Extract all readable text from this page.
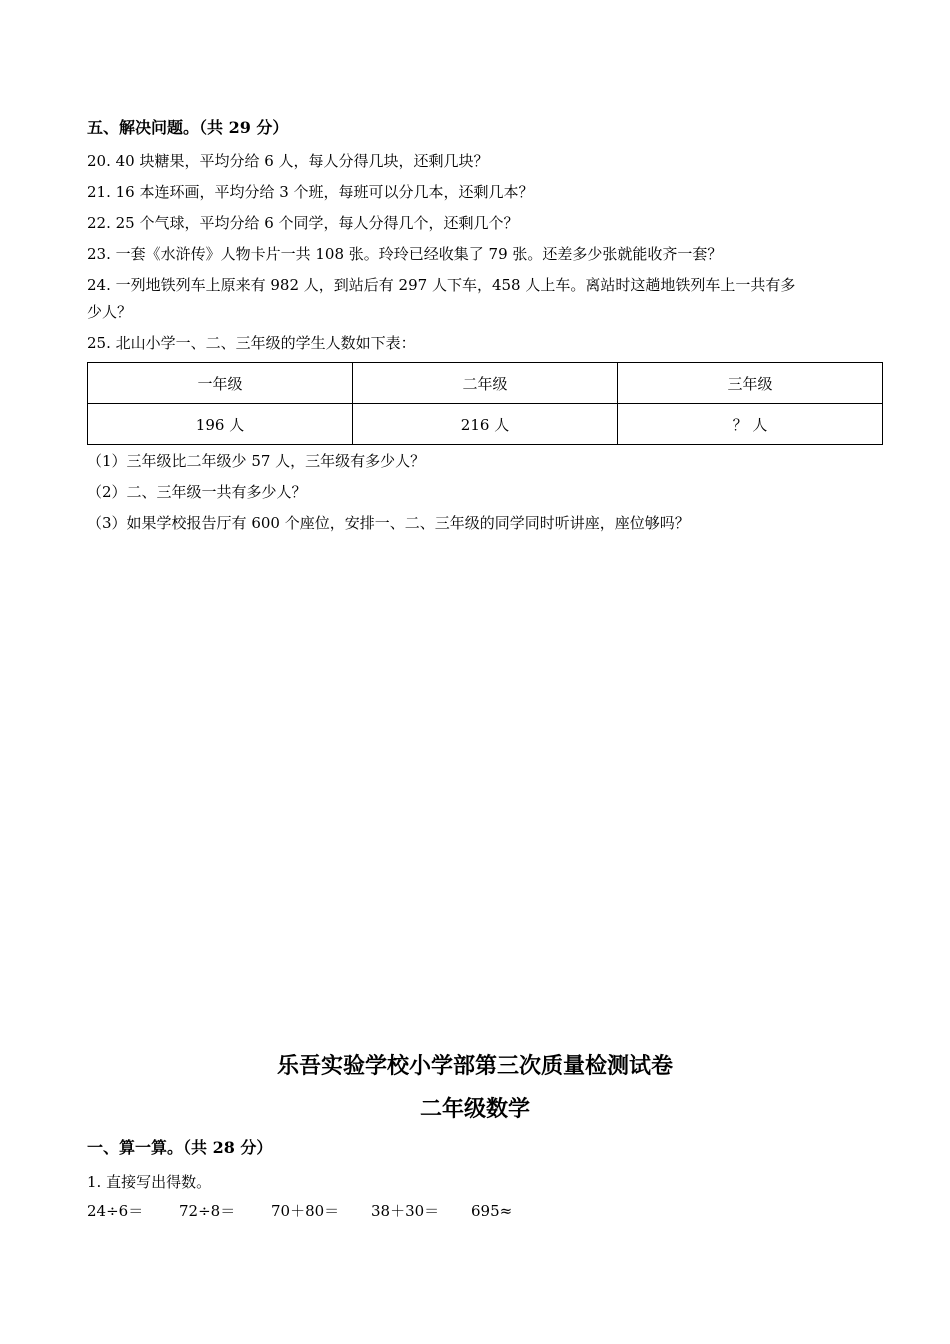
五、解决问题。（共 29 分）
20. 40 块糖果，平均分给 6 人，每人分得几块，还剩几块？
21. 16 本连环画，平均分给 3 个班，每班可以分几本，还剩几本？
22. 25 个气球，平均分给 6 个同学，每人分得几个，还剩几个？
23. 一套《水浒传》人物卡片一共 108 张。玲玲已经收集了 79 张。还差多少张就能收齐一套？
24. 一列地铁列车上原来有 982 人，到站后有 297 人下车，458 人上车。离站时这趟地铁列车上一共有多
少人？
25. 北山小学一、二、三年级的学生人数如下表：
一年级	二年级	三年级
196 人	216 人	？ 人
（1）三年级比二年级少 57 人，三年级有多少人？
（2）二、三年级一共有多少人？
（3）如果学校报告厅有 600 个座位，安排一、二、三年级的同学同时听讲座，座位够吗？
乐吾实验学校小学部第三次质量检测试卷
二年级数学
一、算一算。（共 28 分）
1. 直接写出得数。
24÷6＝ 72÷8＝ 70＋80＝ 38＋30＝ 695≈
